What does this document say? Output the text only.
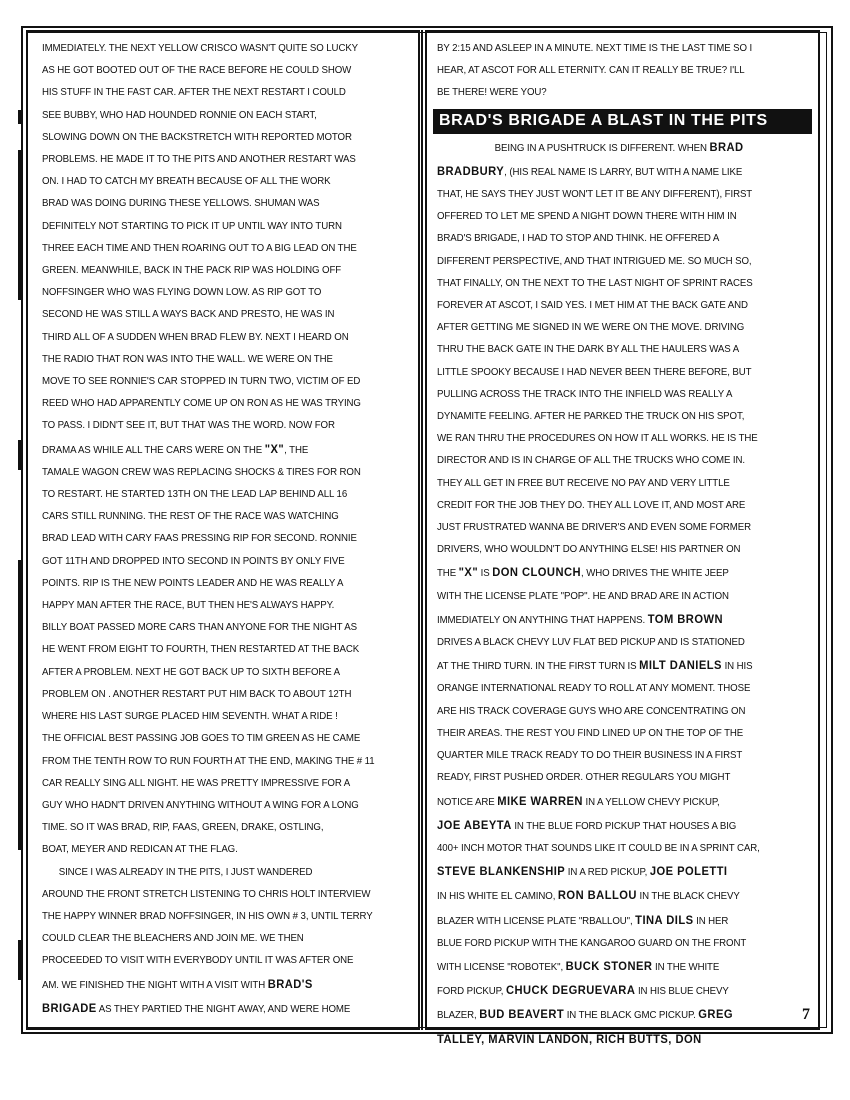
IMMEDIATELY. THE NEXT YELLOW CRISCO WASN'T QUITE SO LUCKY
AS HE GOT BOOTED OUT OF THE RACE BEFORE HE COULD SHOW
HIS STUFF IN THE FAST CAR. AFTER THE NEXT RESTART I COULD
SEE BUBBY, WHO HAD HOUNDED RONNIE ON EACH START,
SLOWING DOWN ON THE BACKSTRETCH WITH REPORTED MOTOR
PROBLEMS. HE MADE IT TO THE PITS AND ANOTHER RESTART WAS
ON. I HAD TO CATCH MY BREATH BECAUSE OF ALL THE WORK
BRAD WAS DOING DURING THESE YELLOWS. SHUMAN WAS
DEFINITELY NOT STARTING TO PICK IT UP UNTIL WAY INTO TURN
THREE EACH TIME AND THEN ROARING OUT TO A BIG LEAD ON THE
GREEN. MEANWHILE, BACK IN THE PACK RIP WAS HOLDING OFF
NOFFSINGER WHO WAS FLYING DOWN LOW. AS RIP GOT TO
SECOND HE WAS STILL A WAYS BACK AND PRESTO, HE WAS IN
THIRD ALL OF A SUDDEN WHEN BRAD FLEW BY. NEXT I HEARD ON
THE RADIO THAT RON WAS INTO THE WALL. WE WERE ON THE
MOVE TO SEE RONNIE'S CAR STOPPED IN TURN TWO, VICTIM OF ED
REED WHO HAD APPARENTLY COME UP ON RON AS HE WAS TRYING
TO PASS. I DIDN'T SEE IT, BUT THAT WAS THE WORD. NOW FOR
DRAMA AS WHILE ALL THE CARS WERE ON THE "X", THE
TAMALE WAGON CREW WAS REPLACING SHOCKS & TIRES FOR RON
TO RESTART. HE STARTED 13TH ON THE LEAD LAP BEHIND ALL 16
CARS STILL RUNNING. THE REST OF THE RACE WAS WATCHING
BRAD LEAD WITH CARY FAAS PRESSING RIP FOR SECOND. RONNIE
GOT 11TH AND DROPPED INTO SECOND IN POINTS BY ONLY FIVE
POINTS. RIP IS THE NEW POINTS LEADER AND HE WAS REALLY A
HAPPY MAN AFTER THE RACE, BUT THEN HE'S ALWAYS HAPPY.
BILLY BOAT PASSED MORE CARS THAN ANYONE FOR THE NIGHT AS
HE WENT FROM EIGHT TO FOURTH, THEN RESTARTED AT THE BACK
AFTER A PROBLEM. NEXT HE GOT BACK UP TO SIXTH BEFORE A
PROBLEM ON . ANOTHER RESTART PUT HIM BACK TO ABOUT 12TH
WHERE HIS LAST SURGE PLACED HIM SEVENTH. WHAT A RIDE !
THE OFFICIAL BEST PASSING JOB GOES TO TIM GREEN AS HE CAME
FROM THE TENTH ROW TO RUN FOURTH AT THE END, MAKING THE # 11
CAR REALLY SING ALL NIGHT. HE WAS PRETTY IMPRESSIVE FOR A
GUY WHO HADN'T DRIVEN ANYTHING WITHOUT A WING FOR A LONG
TIME. SO IT WAS BRAD, RIP, FAAS, GREEN, DRAKE, OSTLING,
BOAT, MEYER AND REDICAN AT THE FLAG.
SINCE I WAS ALREADY IN THE PITS, I JUST WANDERED
AROUND THE FRONT STRETCH LISTENING TO CHRIS HOLT INTERVIEW
THE HAPPY WINNER BRAD NOFFSINGER, IN HIS OWN # 3, UNTIL TERRY
COULD CLEAR THE BLEACHERS AND JOIN ME. WE THEN
PROCEEDED TO VISIT WITH EVERYBODY UNTIL IT WAS AFTER ONE
AM. WE FINISHED THE NIGHT WITH A VISIT WITH BRAD'S
BRIGADE AS THEY PARTIED THE NIGHT AWAY, AND WERE HOME
BY 2:15 AND ASLEEP IN A MINUTE. NEXT TIME IS THE LAST TIME SO I
HEAR, AT ASCOT FOR ALL ETERNITY. CAN IT REALLY BE TRUE? I'LL
BE THERE! WERE YOU?
BRAD'S BRIGADE A BLAST IN THE PITS
BEING IN A PUSHTRUCK IS DIFFERENT. WHEN BRAD
BRADBURY, (HIS REAL NAME IS LARRY, BUT WITH A NAME LIKE
THAT, HE SAYS THEY JUST WON'T LET IT BE ANY DIFFERENT), FIRST
OFFERED TO LET ME SPEND A NIGHT DOWN THERE WITH HIM IN
BRAD'S BRIGADE, I HAD TO STOP AND THINK. HE OFFERED A
DIFFERENT PERSPECTIVE, AND THAT INTRIGUED ME. SO MUCH SO,
THAT FINALLY, ON THE NEXT TO THE LAST NIGHT OF SPRINT RACES
FOREVER AT ASCOT, I SAID YES. I MET HIM AT THE BACK GATE AND
AFTER GETTING ME SIGNED IN WE WERE ON THE MOVE. DRIVING
THRU THE BACK GATE IN THE DARK BY ALL THE HAULERS WAS A
LITTLE SPOOKY BECAUSE I HAD NEVER BEEN THERE BEFORE, BUT
PULLING ACROSS THE TRACK INTO THE INFIELD WAS REALLY A
DYNAMITE FEELING. AFTER HE PARKED THE TRUCK ON HIS SPOT,
WE RAN THRU THE PROCEDURES ON HOW IT ALL WORKS. HE IS THE
DIRECTOR AND IS IN CHARGE OF ALL THE TRUCKS WHO COME IN.
THEY ALL GET IN FREE BUT RECEIVE NO PAY AND VERY LITTLE
CREDIT FOR THE JOB THEY DO. THEY ALL LOVE IT, AND MOST ARE
JUST FRUSTRATED WANNA BE DRIVER'S AND EVEN SOME FORMER
DRIVERS, WHO WOULDN'T DO ANYTHING ELSE! HIS PARTNER ON
THE "X" IS DON CLOUNCH, WHO DRIVES THE WHITE JEEP
WITH THE LICENSE PLATE "POP". HE AND BRAD ARE IN ACTION
IMMEDIATELY ON ANYTHING THAT HAPPENS. TOM BROWN
DRIVES A BLACK CHEVY LUV FLAT BED PICKUP AND IS STATIONED
AT THE THIRD TURN. IN THE FIRST TURN IS MILT DANIELS IN HIS
ORANGE INTERNATIONAL READY TO ROLL AT ANY MOMENT. THOSE
ARE HIS TRACK COVERAGE GUYS WHO ARE CONCENTRATING ON
THEIR AREAS. THE REST YOU FIND LINED UP ON THE TOP OF THE
QUARTER MILE TRACK READY TO DO THEIR BUSINESS IN A FIRST
READY, FIRST PUSHED ORDER. OTHER REGULARS YOU MIGHT
NOTICE ARE MIKE WARREN IN A YELLOW CHEVY PICKUP,
JOE ABEYTA IN THE BLUE FORD PICKUP THAT HOUSES A BIG
400+ INCH MOTOR THAT SOUNDS LIKE IT COULD BE IN A SPRINT CAR,
STEVE BLANKENSHIP IN A RED PICKUP, JOE POLETTI
IN HIS WHITE EL CAMINO, RON BALLOU IN THE BLACK CHEVY
BLAZER WITH LICENSE PLATE "RBALLOU", TINA DILS IN HER
BLUE FORD PICKUP WITH THE KANGAROO GUARD ON THE FRONT
WITH LICENSE "ROBOTEK", BUCK STONER IN THE WHITE
FORD PICKUP, CHUCK DEGRUEVARA IN HIS BLUE CHEVY
BLAZER, BUD BEAVERT IN THE BLACK GMC PICKUP. GREG
TALLEY, MARVIN LANDON, RICH BUTTS, DON
7
